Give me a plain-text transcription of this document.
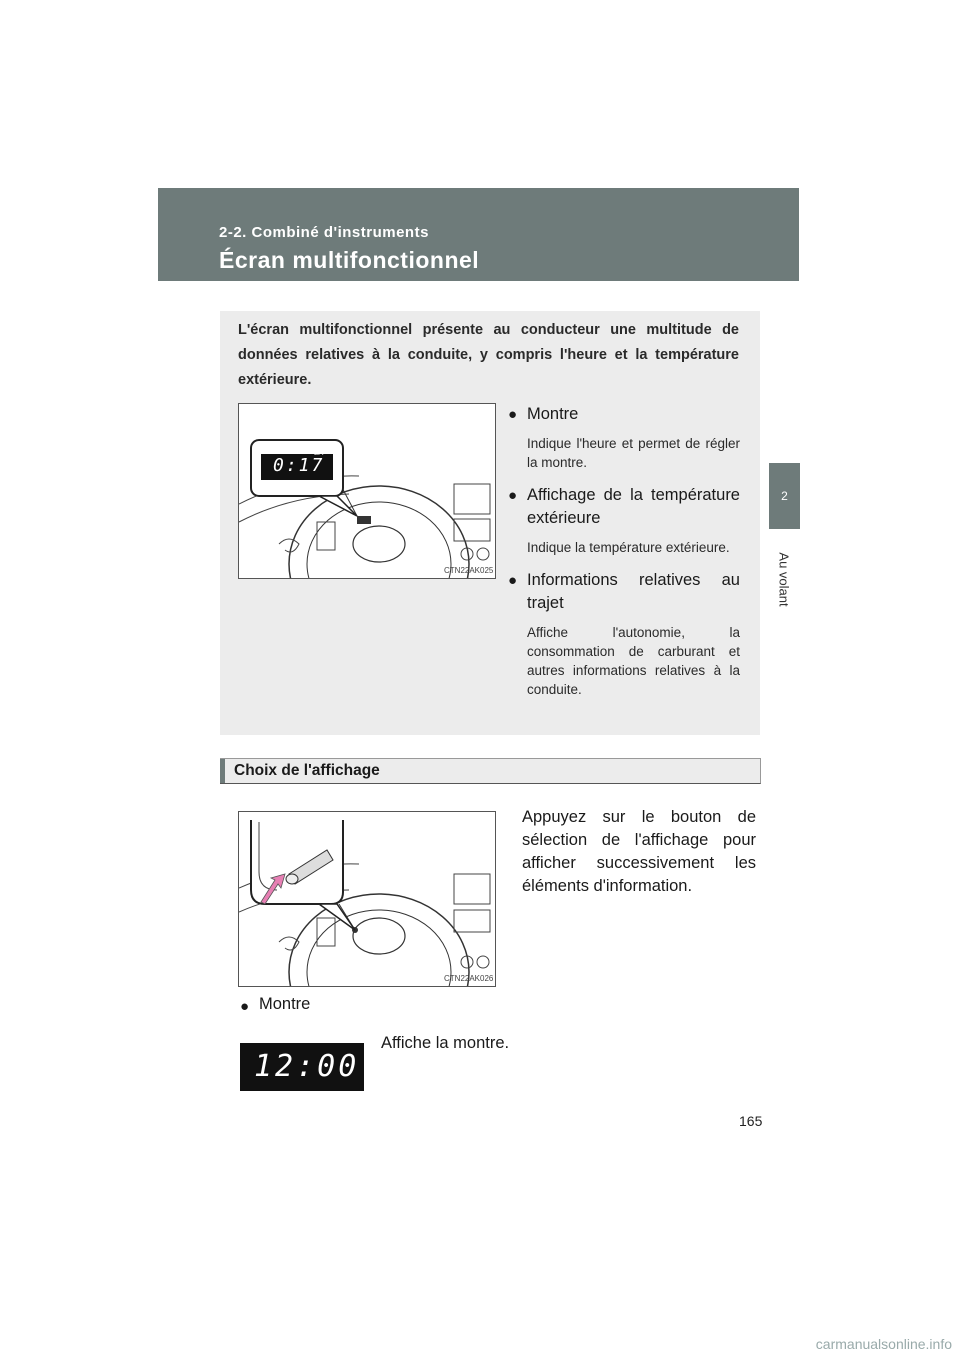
2-2. Combiné d'instruments
Écran multifonctionnel
2
Au volant
L'écran multifonctionnel présente au conducteur une multitude de données relatives à la conduite, y compris l'heure et la température extérieure.
0:17
E/T
CTN22AK025
● Montre
Indique l'heure et permet de régler la montre.
● Affichage de la température extérieure
Indique la température extérieure.
● Informations relatives au trajet
Affiche l'autonomie, la consommation de carburant et autres informations relatives à la conduite.
Choix de l'affichage
CTN22AK026
Appuyez sur le bouton de sélection de l'affichage pour afficher successivement les éléments d'information.
● Montre
12:00
Affiche la montre.
165
carmanualsonline.info
